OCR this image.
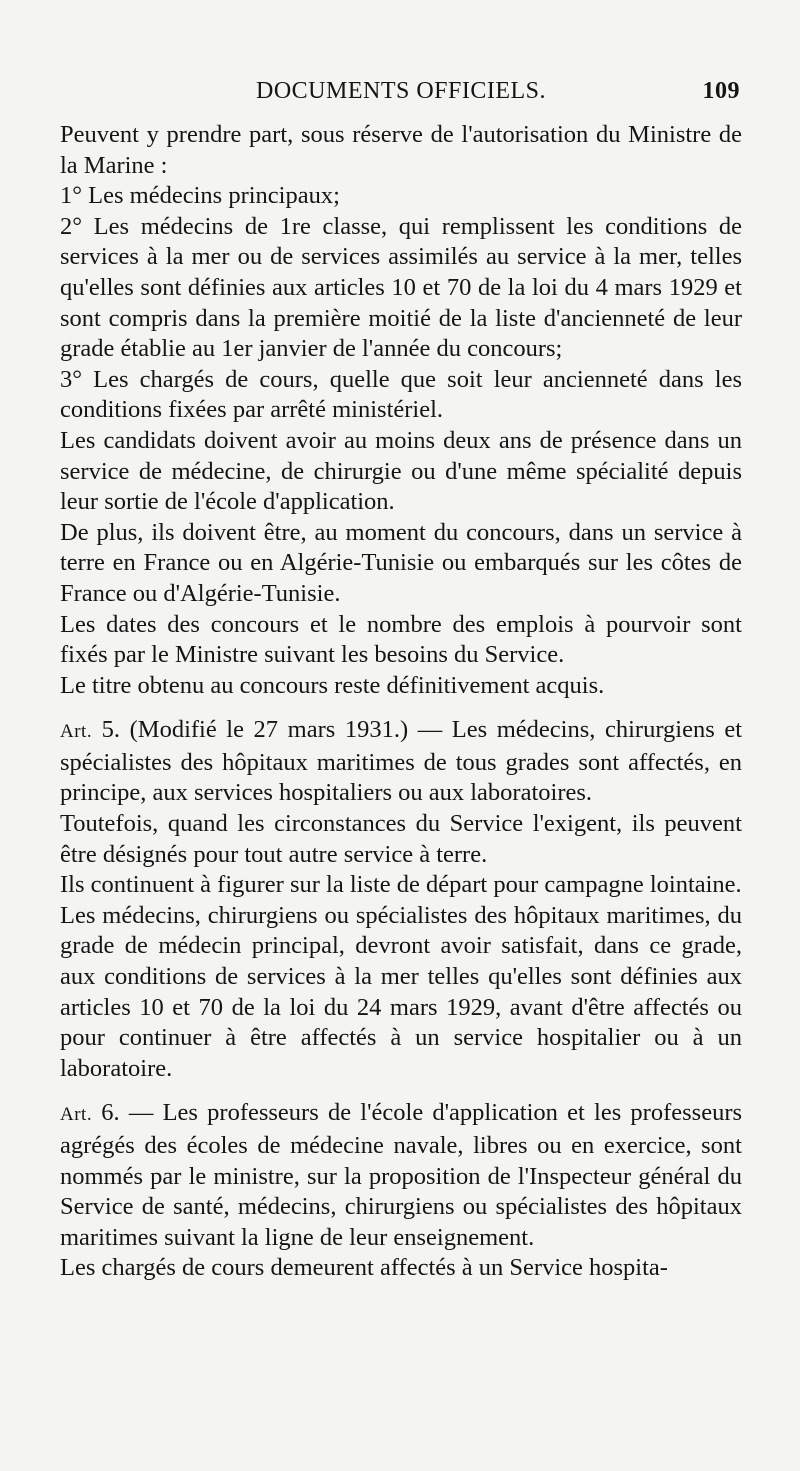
DOCUMENTS OFFICIELS.	109

Peuvent y prendre part, sous réserve de l'autorisation du Ministre de la Marine :

1° Les médecins principaux;

2° Les médecins de 1re classe, qui remplissent les conditions de services à la mer ou de services assimilés au service à la mer, telles qu'elles sont définies aux articles 10 et 70 de la loi du 4 mars 1929 et sont compris dans la première moitié de la liste d'ancienneté de leur grade établie au 1er janvier de l'année du concours;

3° Les chargés de cours, quelle que soit leur ancienneté dans les conditions fixées par arrêté ministériel.

Les candidats doivent avoir au moins deux ans de présence dans un service de médecine, de chirurgie ou d'une même spécialité depuis leur sortie de l'école d'application.

De plus, ils doivent être, au moment du concours, dans un service à terre en France ou en Algérie-Tunisie ou embarqués sur les côtes de France ou d'Algérie-Tunisie.

Les dates des concours et le nombre des emplois à pourvoir sont fixés par le Ministre suivant les besoins du Service.

Le titre obtenu au concours reste définitivement acquis.

Art. 5. (Modifié le 27 mars 1931.) — Les médecins, chirurgiens et spécialistes des hôpitaux maritimes de tous grades sont affectés, en principe, aux services hospitaliers ou aux laboratoires.

Toutefois, quand les circonstances du Service l'exigent, ils peuvent être désignés pour tout autre service à terre.

Ils continuent à figurer sur la liste de départ pour campagne lointaine.

Les médecins, chirurgiens ou spécialistes des hôpitaux maritimes, du grade de médecin principal, devront avoir satisfait, dans ce grade, aux conditions de services à la mer telles qu'elles sont définies aux articles 10 et 70 de la loi du 24 mars 1929, avant d'être affectés ou pour continuer à être affectés à un service hospitalier ou à un laboratoire.

Art. 6. — Les professeurs de l'école d'application et les professeurs agrégés des écoles de médecine navale, libres ou en exercice, sont nommés par le ministre, sur la proposition de l'Inspecteur général du Service de santé, médecins, chirurgiens ou spécialistes des hôpitaux maritimes suivant la ligne de leur enseignement.

Les chargés de cours demeurent affectés à un Service hospita-
